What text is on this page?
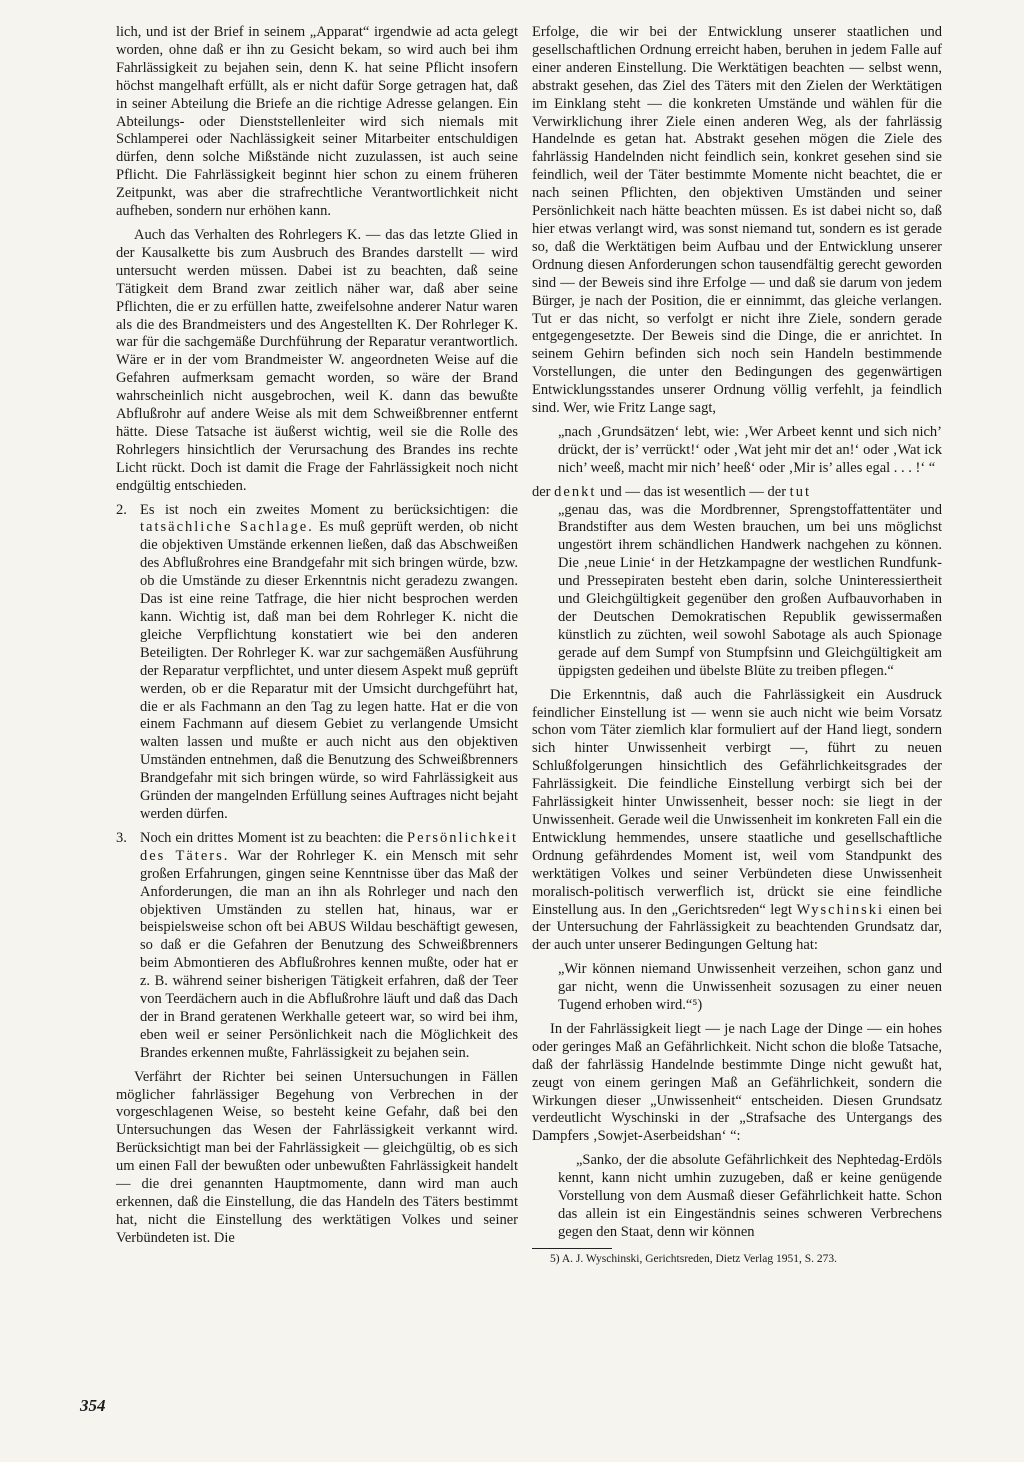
lich, und ist der Brief in seinem „Apparat“ irgendwie ad acta gelegt worden, ohne daß er ihn zu Gesicht bekam, so wird auch bei ihm Fahrlässigkeit zu bejahen sein, denn K. hat seine Pflicht insofern höchst mangelhaft erfüllt, als er nicht dafür Sorge getragen hat, daß in seiner Abteilung die Briefe an die richtige Adresse gelangen. Ein Abteilungs- oder Dienststellenleiter wird sich niemals mit Schlamperei oder Nachlässigkeit seiner Mitarbeiter entschuldigen dürfen, denn solche Mißstände nicht zuzulassen, ist auch seine Pflicht. Die Fahrlässigkeit beginnt hier schon zu einem früheren Zeitpunkt, was aber die strafrechtliche Verantwortlichkeit nicht aufheben, sondern nur erhöhen kann.

Auch das Verhalten des Rohrlegers K. — das das letzte Glied in der Kausalkette bis zum Ausbruch des Brandes darstellt — wird untersucht werden müssen. Dabei ist zu beachten, daß seine Tätigkeit dem Brand zwar zeitlich näher war, daß aber seine Pflichten, die er zu erfüllen hatte, zweifelsohne anderer Natur waren als die des Brandmeisters und des Angestellten K. Der Rohrleger K. war für die sachgemäße Durchführung der Reparatur verantwortlich. Wäre er in der vom Brandmeister W. angeordneten Weise auf die Gefahren aufmerksam gemacht worden, so wäre der Brand wahrscheinlich nicht ausgebrochen, weil K. dann das bewußte Abflußrohr auf andere Weise als mit dem Schweißbrenner entfernt hätte. Diese Tatsache ist äußerst wichtig, weil sie die Rolle des Rohrlegers hinsichtlich der Verursachung des Brandes ins rechte Licht rückt. Doch ist damit die Frage der Fahrlässigkeit noch nicht endgültig entschieden.

2. Es ist noch ein zweites Moment zu berücksichtigen: die tatsächliche Sachlage. Es muß geprüft werden, ob nicht die objektiven Umstände erkennen ließen, daß das Abschweißen des Abflußrohres eine Brandgefahr mit sich bringen würde, bzw. ob die Umstände zu dieser Erkenntnis nicht geradezu zwangen. Das ist eine reine Tatfrage, die hier nicht besprochen werden kann. Wichtig ist, daß man bei dem Rohrleger K. nicht die gleiche Verpflichtung konstatiert wie bei den anderen Beteiligten. Der Rohrleger K. war zur sachgemäßen Ausführung der Reparatur verpflichtet, und unter diesem Aspekt muß geprüft werden, ob er die Reparatur mit der Umsicht durchgeführt hat, die er als Fachmann an den Tag zu legen hatte. Hat er die von einem Fachmann auf diesem Gebiet zu verlangende Umsicht walten lassen und mußte er auch nicht aus den objektiven Umständen entnehmen, daß die Benutzung des Schweißbrenners Brandgefahr mit sich bringen würde, so wird Fahrlässigkeit aus Gründen der mangelnden Erfüllung seines Auftrages nicht bejaht werden dürfen.
3. Noch ein drittes Moment ist zu beachten: die Persönlichkeit des Täters. War der Rohrleger K. ein Mensch mit sehr großen Erfahrungen, gingen seine Kenntnisse über das Maß der Anforderungen, die man an ihn als Rohrleger und nach den objektiven Umständen zu stellen hat, hinaus, war er beispielsweise schon oft bei ABUS Wildau beschäftigt gewesen, so daß er die Gefahren der Benutzung des Schweißbrenners beim Abmontieren des Abflußrohres kennen mußte, oder hat er z. B. während seiner bisherigen Tätigkeit erfahren, daß der Teer von Teerdächern auch in die Abflußrohre läuft und daß das Dach der in Brand geratenen Werkhalle geteert war, so wird bei ihm, eben weil er seiner Persönlichkeit nach die Möglichkeit des Brandes erkennen mußte, Fahrlässigkeit zu bejahen sein.

Verfährt der Richter bei seinen Untersuchungen in Fällen möglicher fahrlässiger Begehung von Verbrechen in der vorgeschlagenen Weise, so besteht keine Gefahr, daß bei den Untersuchungen das Wesen der Fahrlässigkeit verkannt wird. Berücksichtigt man bei der Fahrlässigkeit — gleichgültig, ob es sich um einen Fall der bewußten oder unbewußten Fahrlässigkeit handelt — die drei genannten Hauptmomente, dann wird man auch erkennen, daß die Einstellung, die das Handeln des Täters bestimmt hat, nicht die Einstellung des werktätigen Volkes und seiner Verbündeten ist. Die

Erfolge, die wir bei der Entwicklung unserer staatlichen und gesellschaftlichen Ordnung erreicht haben, beruhen in jedem Falle auf einer anderen Einstellung. Die Werktätigen beachten — selbst wenn, abstrakt gesehen, das Ziel des Täters mit den Zielen der Werktätigen im Einklang steht — die konkreten Umstände und wählen für die Verwirklichung ihrer Ziele einen anderen Weg, als der fahrlässig Handelnde es getan hat. Abstrakt gesehen mögen die Ziele des fahrlässig Handelnden nicht feindlich sein, konkret gesehen sind sie feindlich, weil der Täter bestimmte Momente nicht beachtet, die er nach seinen Pflichten, den objektiven Umständen und seiner Persönlichkeit nach hätte beachten müssen. Es ist dabei nicht so, daß hier etwas verlangt wird, was sonst niemand tut, sondern es ist gerade so, daß die Werktätigen beim Aufbau und der Entwicklung unserer Ordnung diesen Anforderungen schon tausendfältig gerecht geworden sind — der Beweis sind ihre Erfolge — und daß sie darum von jedem Bürger, je nach der Position, die er einnimmt, das gleiche verlangen. Tut er das nicht, so verfolgt er nicht ihre Ziele, sondern gerade entgegengesetzte. Der Beweis sind die Dinge, die er anrichtet. In seinem Gehirn befinden sich noch sein Handeln bestimmende Vorstellungen, die unter den Bedingungen des gegenwärtigen Entwicklungsstandes unserer Ordnung völlig verfehlt, ja feindlich sind. Wer, wie Fritz Lange sagt,

„nach ‚Grundsätzen‘ lebt, wie: ‚Wer Arbeet kennt und sich nich’ drückt, der is’ verrückt!‘ oder ‚Wat jeht mir det an!‘ oder ‚Wat ick nich’ weeß, macht mir nich’ heeß‘ oder ‚Mir is’ alles egal . . . !‘ “

der denkt und — das ist wesentlich — der tut

„genau das, was die Mordbrenner, Sprengstoffattentäter und Brandstifter aus dem Westen brauchen, um bei uns möglichst ungestört ihrem schändlichen Handwerk nachgehen zu können. Die ‚neue Linie‘ in der Hetzkampagne der westlichen Rundfunk- und Pressepiraten besteht eben darin, solche Uninteressiertheit und Gleichgültigkeit gegenüber den großen Aufbauvorhaben in der Deutschen Demokratischen Republik gewissermaßen künstlich zu züchten, weil sowohl Sabotage als auch Spionage gerade auf dem Sumpf von Stumpfsinn und Gleichgültigkeit am üppigsten gedeihen und übelste Blüte zu treiben pflegen.“

Die Erkenntnis, daß auch die Fahrlässigkeit ein Ausdruck feindlicher Einstellung ist — wenn sie auch nicht wie beim Vorsatz schon vom Täter ziemlich klar formuliert auf der Hand liegt, sondern sich hinter Unwissenheit verbirgt —, führt zu neuen Schlußfolgerungen hinsichtlich des Gefährlichkeitsgrades der Fahrlässigkeit. Die feindliche Einstellung verbirgt sich bei der Fahrlässigkeit hinter Unwissenheit, besser noch: sie liegt in der Unwissenheit. Gerade weil die Unwissenheit im konkreten Fall ein die Entwicklung hemmendes, unsere staatliche und gesellschaftliche Ordnung gefährdendes Moment ist, weil vom Standpunkt des werktätigen Volkes und seiner Verbündeten diese Unwissenheit moralisch-politisch verwerflich ist, drückt sie eine feindliche Einstellung aus. In den „Gerichtsreden“ legt Wyschinski einen bei der Untersuchung der Fahrlässigkeit zu beachtenden Grundsatz dar, der auch unter unserer Bedingungen Geltung hat:

„Wir können niemand Unwissenheit verzeihen, schon ganz und gar nicht, wenn die Unwissenheit sozusagen zu einer neuen Tugend erhoben wird.“⁵)

In der Fahrlässigkeit liegt — je nach Lage der Dinge — ein hohes oder geringes Maß an Gefährlichkeit. Nicht schon die bloße Tatsache, daß der fahrlässig Handelnde bestimmte Dinge nicht gewußt hat, zeugt von einem geringen Maß an Gefährlichkeit, sondern die Wirkungen dieser „Unwissenheit“ entscheiden. Diesen Grundsatz verdeutlicht Wyschinski in der „Strafsache des Untergangs des Dampfers ‚Sowjet-Aserbeidshan‘ “:

„Sanko, der die absolute Gefährlichkeit des Nephtedag-Erdöls kennt, kann nicht umhin zuzugeben, daß er keine genügende Vorstellung von dem Ausmaß dieser Gefährlichkeit hatte. Schon das allein ist ein Eingeständnis seines schweren Verbrechens gegen den Staat, denn wir können

5) A. J. Wyschinski, Gerichtsreden, Dietz Verlag 1951, S. 273.

354
